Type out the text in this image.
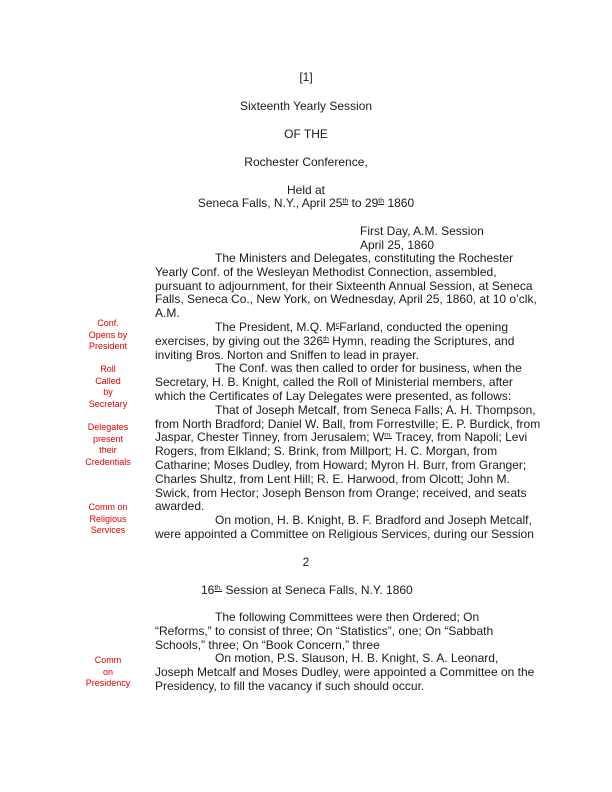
[1]
Sixteenth Yearly Session
OF THE
Rochester Conference,
Held at
Seneca Falls, N.Y., April 25th to 29th 1860
First Day, A.M. Session
April 25, 1860
The Ministers and Delegates, constituting the Rochester
Yearly Conf. of the Wesleyan Methodist Connection, assembled,
pursuant to adjournment, for their Sixteenth Annual Session, at Seneca
Falls, Seneca Co., New York, on Wednesday, April 25, 1860, at 10 o’clk,
A.M.
The President, M.Q. $M^cFarland$, conducted the opening
exercises, by giving out the 326th Hymn, reading the Scriptures, and
inviting Bros. Norton and Sniffen to lead in prayer.
The Conf. was then called to order for business, when the
Secretary, H. B. Knight, called the Roll of Ministerial members, after
which the Certificates of Lay Delegates were presented, as follows:
That of Joseph Metcalf, from Seneca Falls; A. H. Thompson,
from North Bradford; Daniel W. Ball, from Forrestville; E. P. Burdick, from
Jaspar, Chester Tinney, from Jerusalem; $W^{m.}$ Tracey, from Napoli; Levi
Rogers, from Elkland; S. Brink, from Millport; H. C. Morgan, from
Catharine; Moses Dudley, from Howard; Myron H. Burr, from Granger;
Charles Shultz, from Lent Hill; R. E. Harwood, from Olcott; John M.
Swick, from Hector; Joseph Benson from Orange; received, and seats
awarded.
On motion, H. B. Knight, B. F. Bradford and Joseph Metcalf,
were appointed a Committee on Religious Services, during our Session
Conf.
Opens by
President
Roll
Called
by
Secretary
Delegates
present
their
Credentials
Comm on
Religious
Services
2
$16^{th.}$ Session at Seneca Falls, N.Y. 1860
The following Committees were then Ordered; On
“Reforms,” to consist of three; On “Statistics”, one; On “Sabbath
Schools,” three; On “Book Concern,” three
On motion, P.S. Slauson, H. B. Knight, S. A. Leonard,
Joseph Metcalf and Moses Dudley, were appointed a Committee on the
Presidency, to fill the vacancy if such should occur.
Comm
on
Presidency
